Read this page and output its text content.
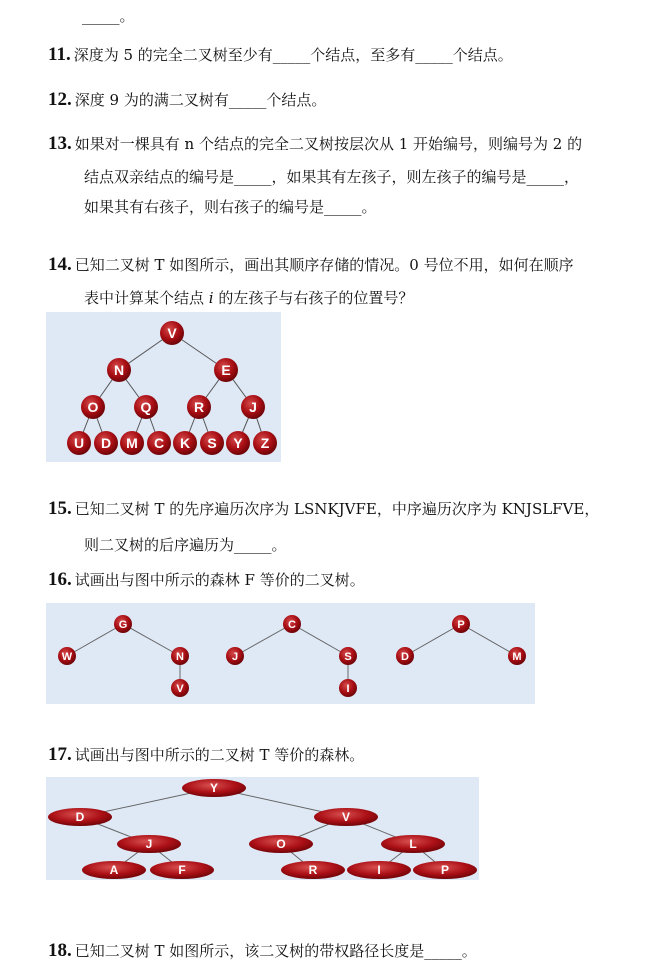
_____。
11. 深度为 5 的完全二叉树至少有_____个结点，至多有_____个结点。
12. 深度 9 为的满二叉树有_____个结点。
13. 如果对一棵具有 n 个结点的完全二叉树按层次从 1 开始编号，则编号为 2 的
结点双亲结点的编号是_____，如果其有左孩子，则左孩子的编号是_____，
如果其有右孩子，则右孩子的编号是_____。
14. 已知二叉树 T 如图所示，画出其顺序存储的情况。0 号位不用，如何在顺序
表中计算某个结点 i 的左孩子与右孩子的位置号？
V
N	E
O	Q	R	J
U D M C K S Y Z
15. 已知二叉树 T 的先序遍历次序为 LSNKJVFE，中序遍历次序为 KNJSLFVE，
则二叉树的后序遍历为_____。
16. 试画出与图中所示的森林 F 等价的二叉树。
G
W	N
V
C
J	S
I
P
D	M
17. 试画出与图中所示的二叉树 T 等价的森林。
Y
D	V
J	O	L
A	F	R	I	P
18. 已知二叉树 T 如图所示，该二叉树的带权路径长度是_____。
